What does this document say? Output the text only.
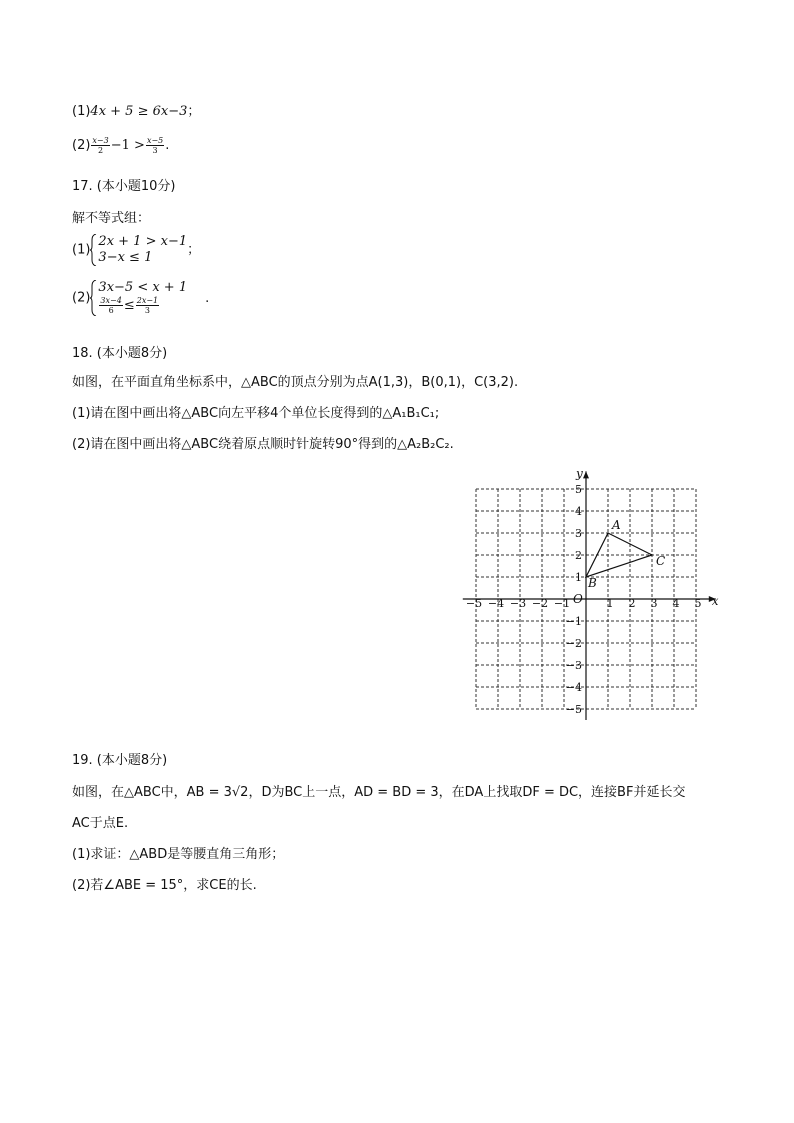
(1)4x + 5 ≥ 6x−3；
$(2) \frac{x-3}{2} -1 > \frac{x-5}{3}$ .
17. (本小题10分)
解不等式组：
(1)
2x + 1 > x−1
3−x ≤ 1	；
(2)
3x−5 < x + 1
$\frac{3x-4}{6} \le \frac{2x-1}{3}$	.
18. (本小题8分)
如图，在平面直角坐标系中，△ABC的顶点分别为点A(1,3)，B(0,1)，C(3,2).
(1)请在图中画出将△ABC向左平移4个单位长度得到的△A₁B₁C₁;
(2)请在图中画出将△ABC绕着原点顺时针旋转90°得到的△A₂B₂C₂.
x
y
O
−5 −4 −3 −2 −1	1 2 3 4 5
5
4
3
2
1
−1
−2
−3
−4
−5
A
B
C
19. (本小题8分)
如图，在△ABC中，AB = 3√2，D为BC上一点，AD = BD = 3，在DA上找取DF = DC，连接BF并延长交
AC于点E.
(1)求证：△ABD是等腰直角三角形；
(2)若∠ABE = 15°，求CE的长.
